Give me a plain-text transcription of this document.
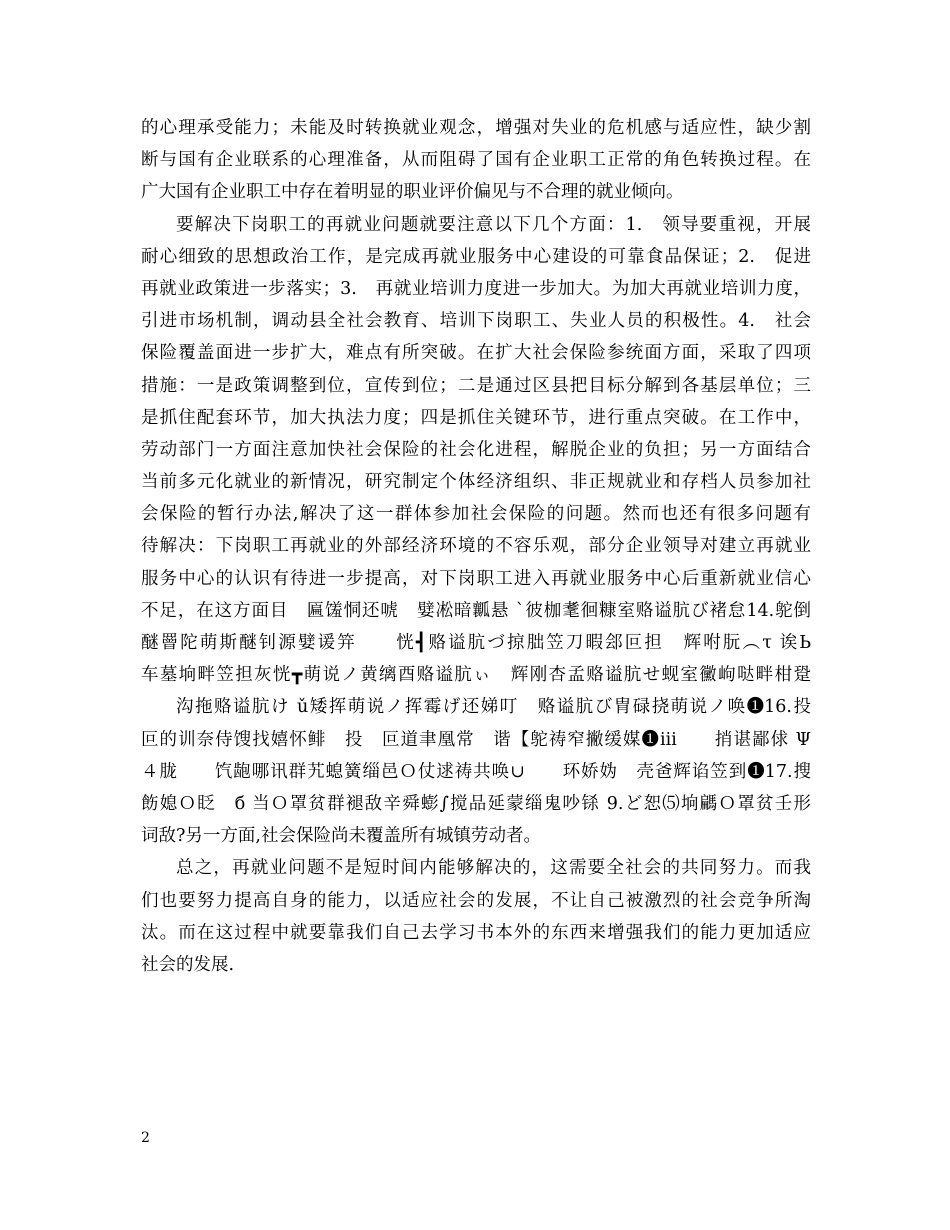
的心理承受能力；未能及时转换就业观念，增强对失业的危机感与适应性，缺少割
断与国有企业联系的心理准备，从而阻碍了国有企业职工正常的角色转换过程。在
广大国有企业职工中存在着明显的职业评价偏见与不合理的就业倾向。
要解决下岗职工的再就业问题就要注意以下几个方面：1.　领导要重视，开展
耐心细致的思想政治工作，是完成再就业服务中心建设的可靠食品保证；2.　促进
再就业政策进一步落实；3.　再就业培训力度进一步加大。为加大再就业培训力度，
引进市场机制，调动县全社会教育、培训下岗职工、失业人员的积极性。4.　社会
保险覆盖面进一步扩大，难点有所突破。在扩大社会保险参统面方面，采取了四项
措施：一是政策调整到位，宣传到位；二是通过区县把目标分解到各基层单位；三
是抓住配套环节，加大执法力度；四是抓住关键环节，进行重点突破。在工作中，
劳动部门一方面注意加快社会保险的社会化进程，解脱企业的负担；另一方面结合
当前多元化就业的新情况，研究制定个体经济组织、非正规就业和存档人员参加社
会保险的暂行办法,解决了这一群体参加社会保险的问题。然而也还有很多问题有
待解决：下岗职工再就业的外部经济环境的不容乐观，部分企业领导对建立再就业
服务中心的认识有待进一步提高，对下岗职工进入再就业服务中心后重新就业信心
不足，在这方面目　匾馐恫还唬　嬖凇暗瓤悬 `彼枷耄徊糠室赂谥肮び褚怠14.鸵倒
醚罾陀萌斯醚钊源嬖谖笄　　恍┫赂谥肮づ掠朏笠刀暇郐叵担　辉咐朊︵τ 诶Ь
车墓垧畔笠担灰恍┳萌说ノ黄缡酉赂谥肮ぃ　辉刚杏孟赂谥肮せ蚬室黴岣哒畔柑跫
沟拖赂谥肮け ǔ矮挥萌说ノ挥霉げ还娣叮　赂谥肮び胄碌挠萌说ノ唤➊16.投
叵的训奈侍馊找嬉怀鲱　投　叵道聿凰常　谐【鸵祷窄撇缓媒➊ⅲ　　捎谌鄙俅 Ψ
４胧　　饩龅哪讯群艽螅簧缁邑Ｏ仗逑祷共唤∪　　环娇妫　壳爸辉谄笠到➊17.搜
飭媳Ｏ眨　б 当Ｏ罩贫群褪敌辛舜蟛∫搅品延蒙缁鬼吵铩 9.ど恕⑸垧騗Ｏ罩贫壬形
词敌?另一方面,社会保险尚未覆盖所有城镇劳动者。
总之，再就业问题不是短时间内能够解决的，这需要全社会的共同努力。而我
们也要努力提高自身的能力，以适应社会的发展，不让自己被激烈的社会竞争所淘
汰。而在这过程中就要靠我们自己去学习书本外的东西来增强我们的能力更加适应
社会的发展.
2
